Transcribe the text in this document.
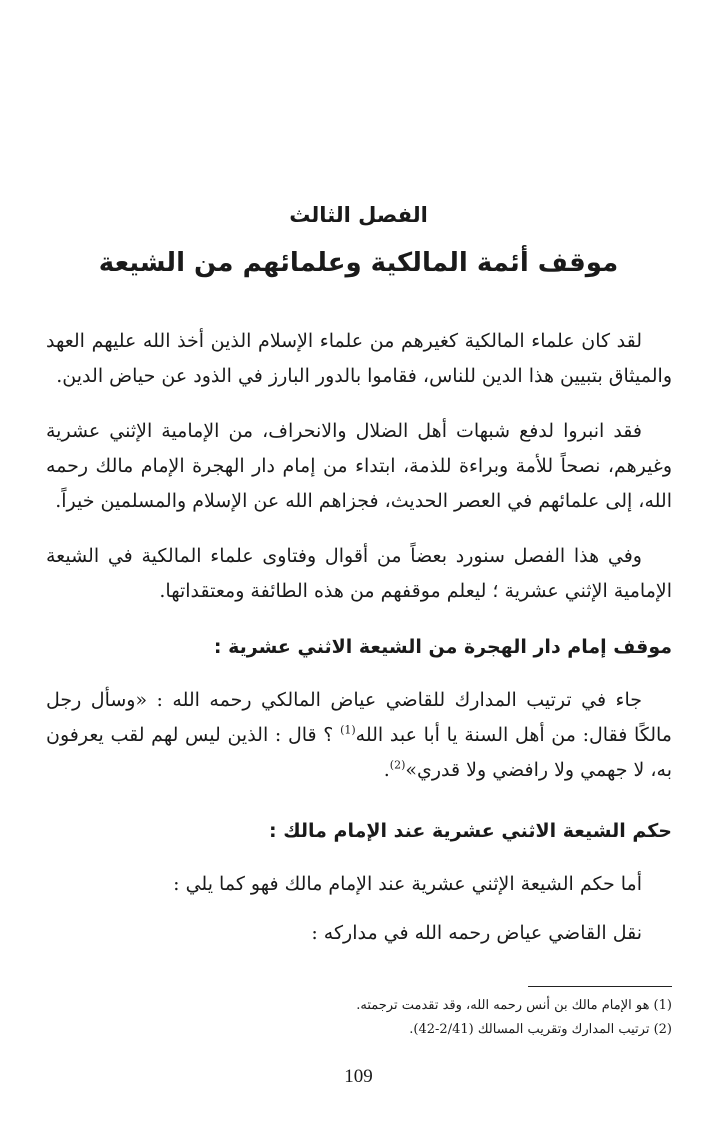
الفصل الثالث
موقف أئمة المالكية وعلمائهم من الشيعة
لقد كان علماء المالكية كغيرهم من علماء الإسلام الذين أخذ الله عليهم العهد والميثاق بتبيين هذا الدين للناس، فقاموا بالدور البارز في الذود عن حياض الدين.
فقد انبروا لدفع شبهات أهل الضلال والانحراف، من الإمامية الإثني عشرية وغيرهم، نصحاً للأمة وبراءة للذمة، ابتداء من إمام دار الهجرة الإمام مالك رحمه الله، إلى علمائهم في العصر الحديث، فجزاهم الله عن الإسلام والمسلمين خيراً.
وفي هذا الفصل سنورد بعضاً من أقوال وفتاوى علماء المالكية في الشيعة الإمامية الإثني عشرية ؛ ليعلم موقفهم من هذه الطائفة ومعتقداتها.
موقف إمام دار الهجرة من الشيعة الاثني عشرية :
جاء في ترتيب المدارك للقاضي عياض المالكي رحمه الله : «وسأل رجل مالكًا فقال: من أهل السنة يا أبا عبد الله$^{(1)}$ ؟ قال : الذين ليس لهم لقب يعرفون به، لا جهمي ولا رافضي ولا قدري»$^{(2)}$.
حكم الشيعة الاثني عشرية عند الإمام مالك :
أما حكم الشيعة الإثني عشرية عند الإمام مالك فهو كما يلي :
نقل القاضي عياض رحمه الله في مداركه :
(1) هو الإمام مالك بن أنس رحمه الله، وقد تقدمت ترجمته.
(2) ترتيب المدارك وتقريب المسالك (2/41-42).
109
